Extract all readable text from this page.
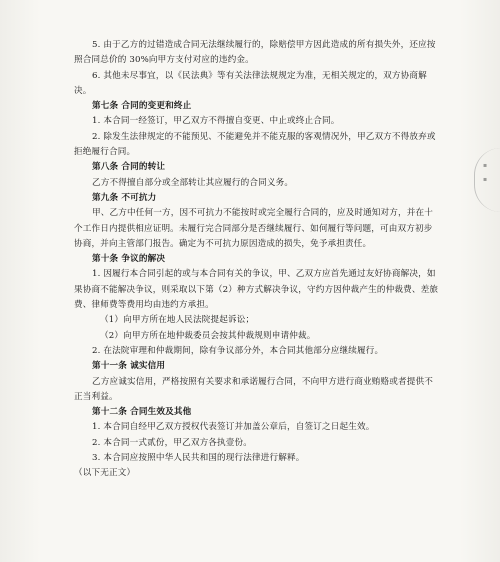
5. 由于乙方的过错造成合同无法继续履行的，除赔偿甲方因此造成的所有损失外，还应按照合同总价的 30%向甲方支付对应的违约金。

6. 其他未尽事宜，以《民法典》等有关法律法规规定为准，无相关规定的，双方协商解决。

第七条 合同的变更和终止

1. 本合同一经签订，甲乙双方不得擅自变更、中止或终止合同。

2. 除发生法律规定的不能预见、不能避免并不能克服的客观情况外，甲乙双方不得放弃或拒绝履行合同。

第八条 合同的转让

乙方不得擅自部分或全部转让其应履行的合同义务。

第九条 不可抗力

甲、乙方中任何一方，因不可抗力不能按时或完全履行合同的，应及时通知对方，并在十个工作日内提供相应证明。未履行完合同部分是否继续履行、如何履行等问题，可由双方初步协商，并向主管部门报告。确定为不可抗力原因造成的损失，免予承担责任。

第十条 争议的解决

1. 因履行本合同引起的或与本合同有关的争议，甲、乙双方应首先通过友好协商解决，如果协商不能解决争议，则采取以下第（2）种方式解决争议，守约方因仲裁产生的仲裁费、差旅费、律师费等费用均由违约方承担。

（1）向甲方所在地人民法院提起诉讼；

（2）向甲方所在地仲裁委员会按其仲裁规则申请仲裁。

2. 在法院审理和仲裁期间，除有争议部分外，本合同其他部分应继续履行。

第十一条 诚实信用

乙方应诚实信用，严格按照有关要求和承诺履行合同，不向甲方进行商业贿赂或者提供不正当利益。

第十二条 合同生效及其他

1. 本合同自经甲乙双方授权代表签订并加盖公章后，自签订之日起生效。

2. 本合同一式贰份，甲乙双方各执壹份。

3. 本合同应按照中华人民共和国的现行法律进行解释。

（以下无正文）

▪
▪
